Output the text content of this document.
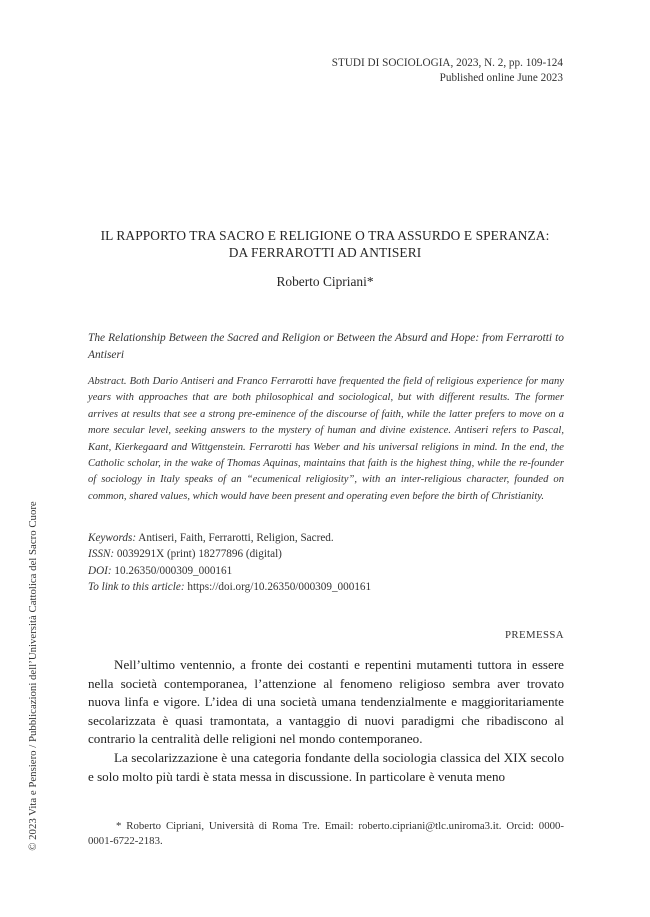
STUDI DI SOCIOLOGIA, 2023, N. 2, pp. 109-124
Published online June 2023
IL RAPPORTO TRA SACRO E RELIGIONE O TRA ASSURDO E SPERANZA:
DA FERRAROTTI AD ANTISERI
Roberto Cipriani*
The Relationship Between the Sacred and Religion or Between the Absurd and Hope: from Ferrarotti to Antiseri

Abstract. Both Dario Antiseri and Franco Ferrarotti have frequented the field of religious experience for many years with approaches that are both philosophical and sociological, but with different results. The former arrives at results that see a strong pre-eminence of the discourse of faith, while the latter prefers to move on a more secular level, seeking answers to the mystery of human and divine existence. Antiseri refers to Pascal, Kant, Kierkegaard and Wittgenstein. Ferrarotti has Weber and his universal religions in mind. In the end, the Catholic scholar, in the wake of Thomas Aquinas, maintains that faith is the highest thing, while the re-founder of sociology in Italy speaks of an “ecumenical religiosity”, with an inter-religious character, founded on common, shared values, which would have been present and operating even before the birth of Christianity.

Keywords: Antiseri, Faith, Ferrarotti, Religion, Sacred.
ISSN: 0039291X (print) 18277896 (digital)
DOI: 10.26350/000309_000161
To link to this article: https://doi.org/10.26350/000309_000161
PREMESSA

Nell’ultimo ventennio, a fronte dei costanti e repentini mutamenti tuttora in essere nella società contemporanea, l’attenzione al fenomeno religioso sembra aver trovato nuova linfa e vigore. L’idea di una società umana tendenzialmente e maggioritariamente secolarizzata è quasi tramontata, a vantaggio di nuovi paradigmi che ribadiscono al contrario la centralità delle religioni nel mondo contemporaneo.

La secolarizzazione è una categoria fondante della sociologia classica del XIX secolo e solo molto più tardi è stata messa in discussione. In particolare è venuta meno

* Roberto Cipriani, Università di Roma Tre. Email: roberto.cipriani@tlc.uniroma3.it. Orcid: 0000-0001-6722-2183.
© 2023 Vita e Pensiero / Pubblicazioni dell’Università Cattolica del Sacro Cuore
